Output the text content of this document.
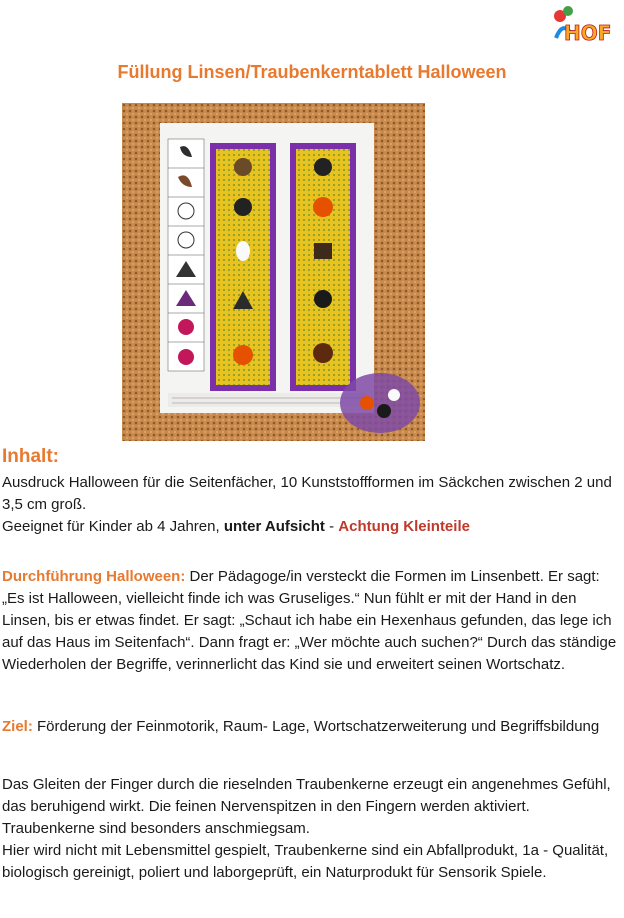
HOF
Füllung Linsen/Traubenkerntablett Halloween
Inhalt:

Ausdruck Halloween für die Seitenfächer, 10 Kunststoffformen im Säckchen zwischen 2 und 3,5 cm groß.
Geeignet für Kinder ab 4 Jahren, unter Aufsicht - Achtung Kleinteile

Durchführung Halloween: Der Pädagoge/in versteckt die Formen im Linsenbett. Er sagt: „Es ist Halloween, vielleicht finde ich was Gruseliges.“ Nun fühlt er mit der Hand in den Linsen, bis er etwas findet. Er sagt: „Schaut ich habe ein Hexenhaus gefunden, das lege ich auf das Haus im Seitenfach“. Dann fragt er: „Wer möchte auch suchen?“ Durch das ständige Wiederholen der Begriffe, verinnerlicht das Kind sie und erweitert seinen Wortschatz.

Ziel: Förderung der Feinmotorik, Raum- Lage, Wortschatzerweiterung und Begriffsbildung

Das Gleiten der Finger durch die rieselnden Traubenkerne erzeugt ein angenehmes Gefühl, das beruhigend wirkt. Die feinen Nervenspitzen in den Fingern werden aktiviert. Traubenkerne sind besonders anschmiegsam.
Hier wird nicht mit Lebensmittel gespielt, Traubenkerne sind ein Abfallprodukt, 1a - Qualität, biologisch gereinigt, poliert und laborgeprüft, ein Naturprodukt für Sensorik Spiele.
